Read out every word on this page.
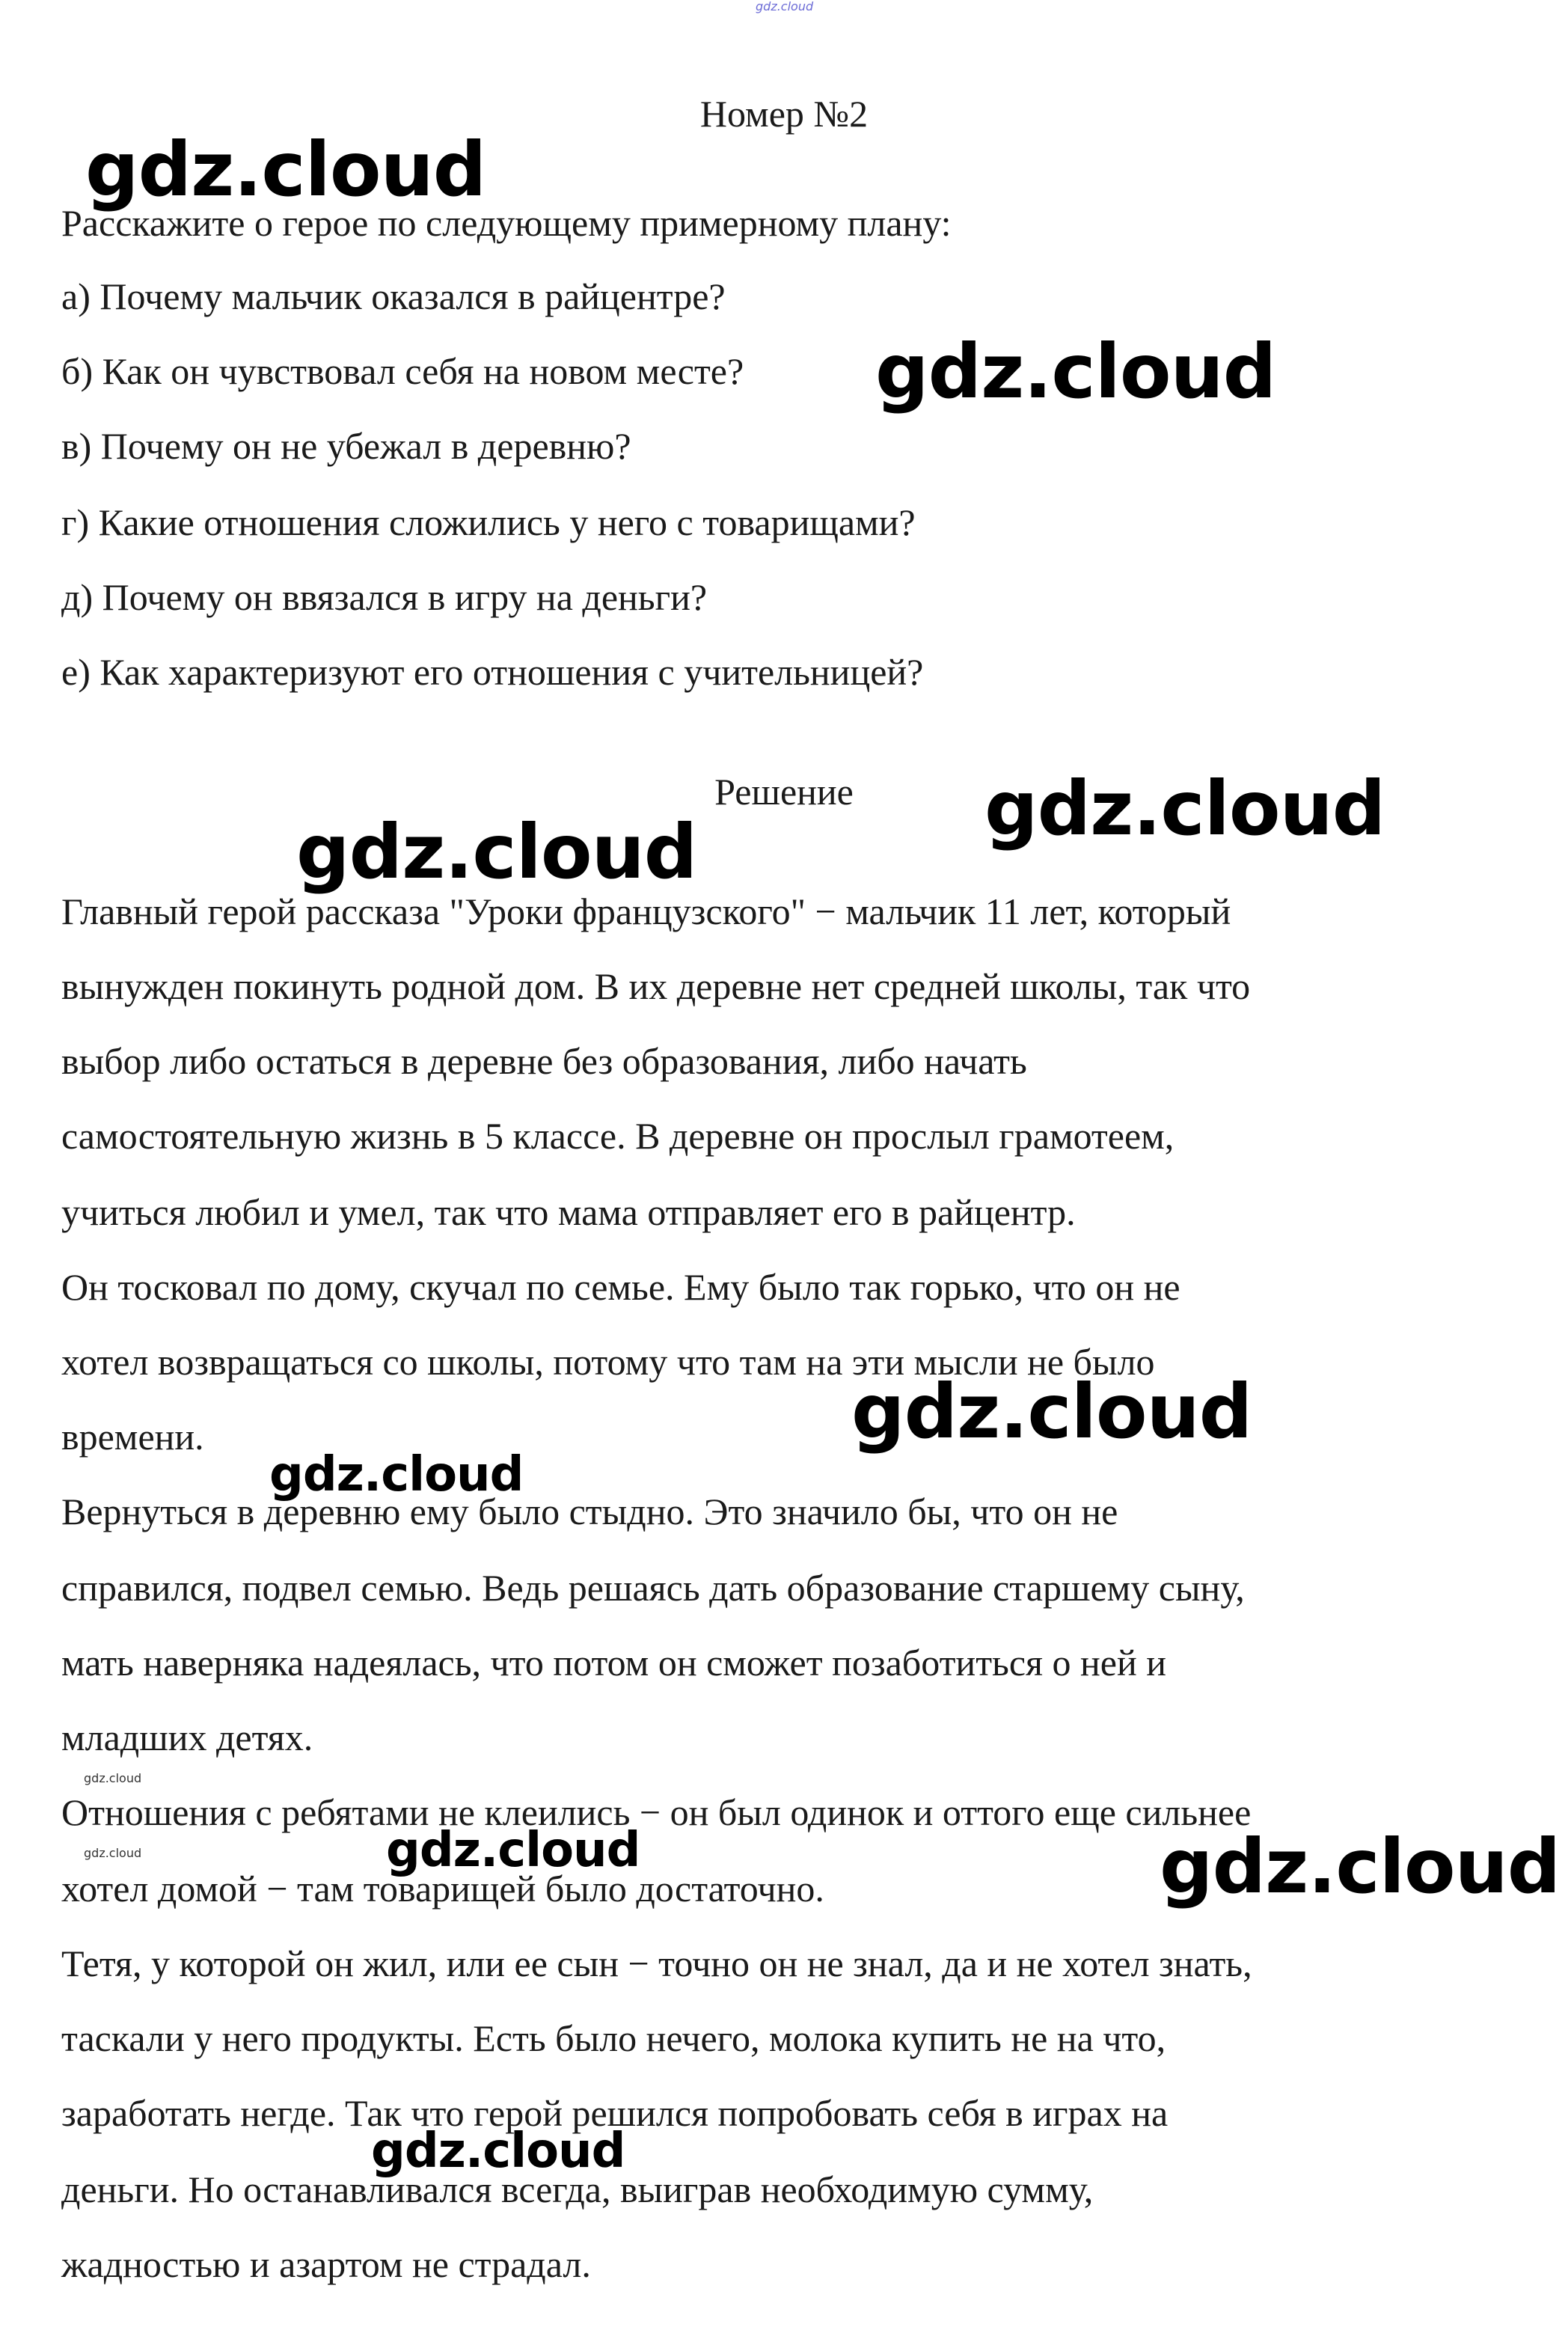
gdz.cloud
Номер №2
Расскажите о герое по следующему примерному плану:
а) Почему мальчик оказался в райцентре?
б) Как он чувствовал себя на новом месте?
в) Почему он не убежал в деревню?
г) Какие отношения сложились у него с товарищами?
д) Почему он ввязался в игру на деньги?
е) Как характеризуют его отношения с учительницей?
Решение
Главный герой рассказа "Уроки французского" − мальчик 11 лет, который
вынужден покинуть родной дом. В их деревне нет средней школы, так что
выбор либо остаться в деревне без образования, либо начать
самостоятельную жизнь в 5 классе. В деревне он прослыл грамотеем,
учиться любил и умел, так что мама отправляет его в райцентр.
Он тосковал по дому, скучал по семье. Ему было так горько, что он не
хотел возвращаться со школы, потому что там на эти мысли не было
времени.
Вернуться в деревню ему было стыдно. Это значило бы, что он не
справился, подвел семью. Ведь решаясь дать образование старшему сыну,
мать наверняка надеялась, что потом он сможет позаботиться о ней и
младших детях.
Отношения с ребятами не клеились − он был одинок и оттого еще сильнее
хотел домой − там товарищей было достаточно.
Тетя, у которой он жил, или ее сын − точно он не знал, да и не хотел знать,
таскали у него продукты. Есть было нечего, молока купить не на что,
заработать негде. Так что герой решился попробовать себя в играх на
деньги. Но останавливался всегда, выиграв необходимую сумму,
жадностью и азартом не страдал.
gdz.cloud
gdz.cloud
gdz.cloud
gdz.cloud
gdz.cloud
gdz.cloud
gdz.cloud
gdz.cloud	gdz.cloud	gdz.cloud
gdz.cloud
